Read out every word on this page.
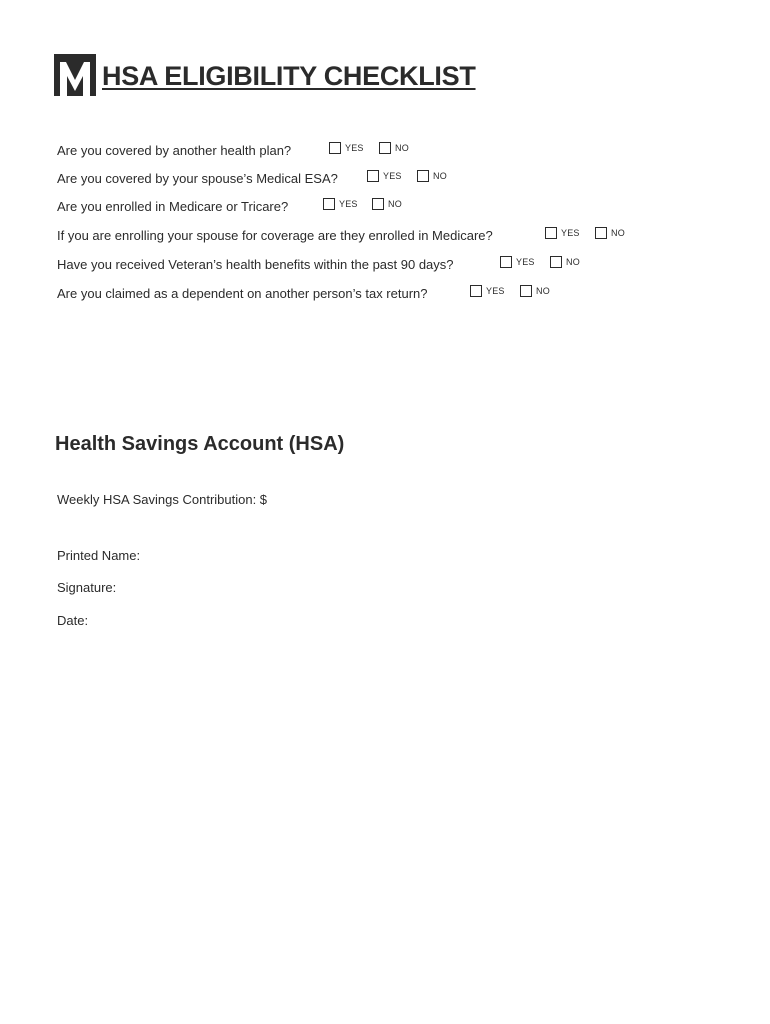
HSA ELIGIBILITY CHECKLIST
Are you covered by another health plan?	YES	NO
Are you covered by your spouse’s Medical ESA?	YES	NO
Are you enrolled in Medicare or Tricare?	YES	NO
If you are enrolling your spouse for coverage are they enrolled in Medicare?	YES	NO
Have you received Veteran’s health benefits within the past 90 days?	YES	NO
Are you claimed as a dependent on another person’s tax return?	YES	NO
Health Savings Account (HSA)
Weekly HSA Savings Contribution: $
Printed Name:
Signature:
Date:
